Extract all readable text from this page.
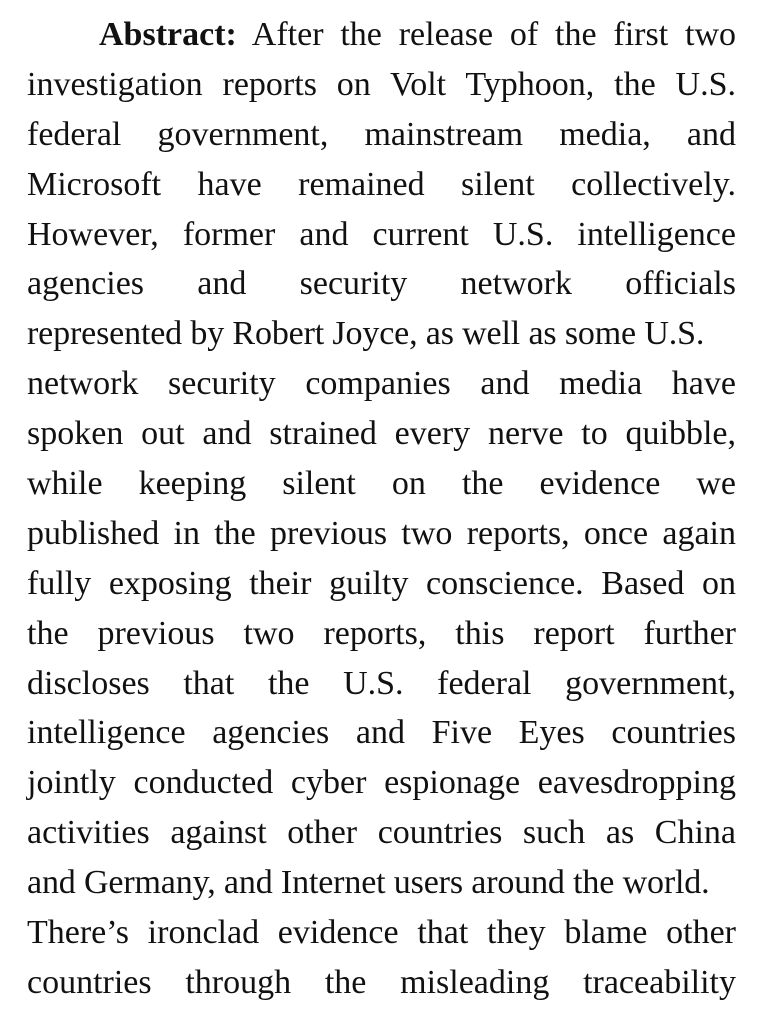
Abstract: After the release of the first two
investigation reports on Volt Typhoon, the U.S.
federal government, mainstream media, and
Microsoft have remained silent collectively.
However, former and current U.S. intelligence
agencies and security network officials
represented by Robert Joyce, as well as some U.S.
network security companies and media have
spoken out and strained every nerve to quibble,
while keeping silent on the evidence we
published in the previous two reports, once again
fully exposing their guilty conscience. Based on
the previous two reports, this report further
discloses that the U.S. federal government,
intelligence agencies and Five Eyes countries
jointly conducted cyber espionage eavesdropping
activities against other countries such as China
and Germany, and Internet users around the world.
There’s ironclad evidence that they blame other
countries through the misleading traceability
